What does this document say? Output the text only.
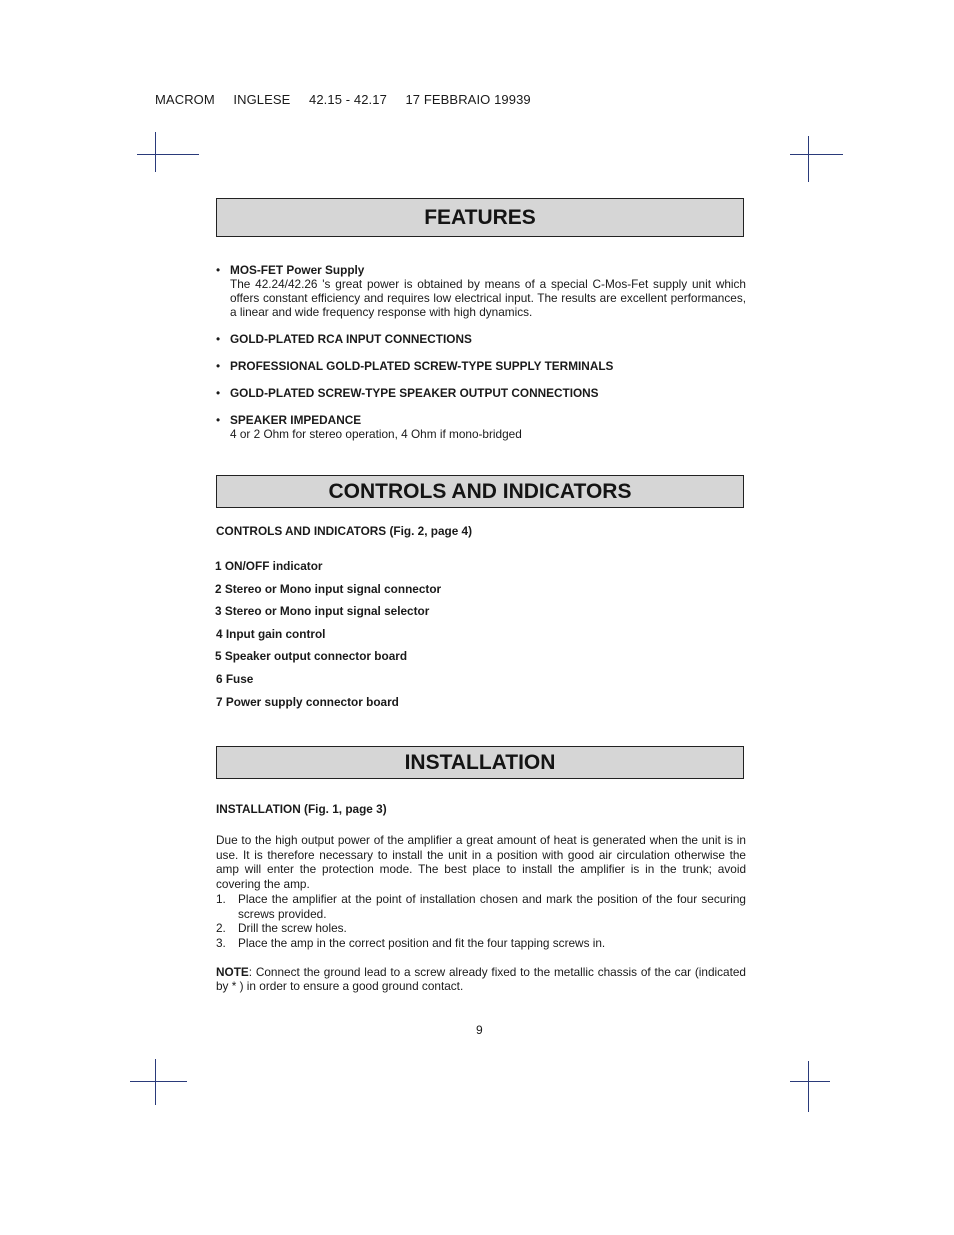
MACROM     INGLESE     42.15 - 42.17     17 FEBBRAIO 19939
FEATURES
• MOS-FET Power Supply
The 42.24/42.26 's great power is obtained by means of a special C-Mos-Fet supply unit which offers constant efficiency and requires low electrical input. The results are excellent performances, a linear and wide frequency response with high dynamics.
• GOLD-PLATED RCA INPUT CONNECTIONS
• PROFESSIONAL GOLD-PLATED SCREW-TYPE SUPPLY TERMINALS
• GOLD-PLATED SCREW-TYPE SPEAKER OUTPUT CONNECTIONS
• SPEAKER IMPEDANCE
4 or 2 Ohm for stereo operation, 4 Ohm if mono-bridged
CONTROLS AND INDICATORS
CONTROLS AND INDICATORS (Fig. 2, page 4)
1 ON/OFF indicator
2 Stereo or Mono input signal connector
3 Stereo or Mono input signal selector
4 Input gain control
5 Speaker output connector board
6 Fuse
7 Power supply connector board
INSTALLATION
INSTALLATION (Fig. 1, page 3)
Due to the high output power of the amplifier a great amount of heat is generated when the unit is in use. It is therefore necessary to install the unit in a position with good air circulation otherwise the amp will enter the protection mode. The best place to install the amplifier is in the trunk; avoid covering the amp.
1. Place the amplifier at the point of installation chosen and mark the position of the four securing screws provided.
2. Drill the screw holes.
3. Place the amp in the correct position and fit the four tapping screws in.
NOTE: Connect the ground lead to a screw already fixed to the metallic chassis of the car (indicated by * ) in order to ensure a good ground contact.
9
